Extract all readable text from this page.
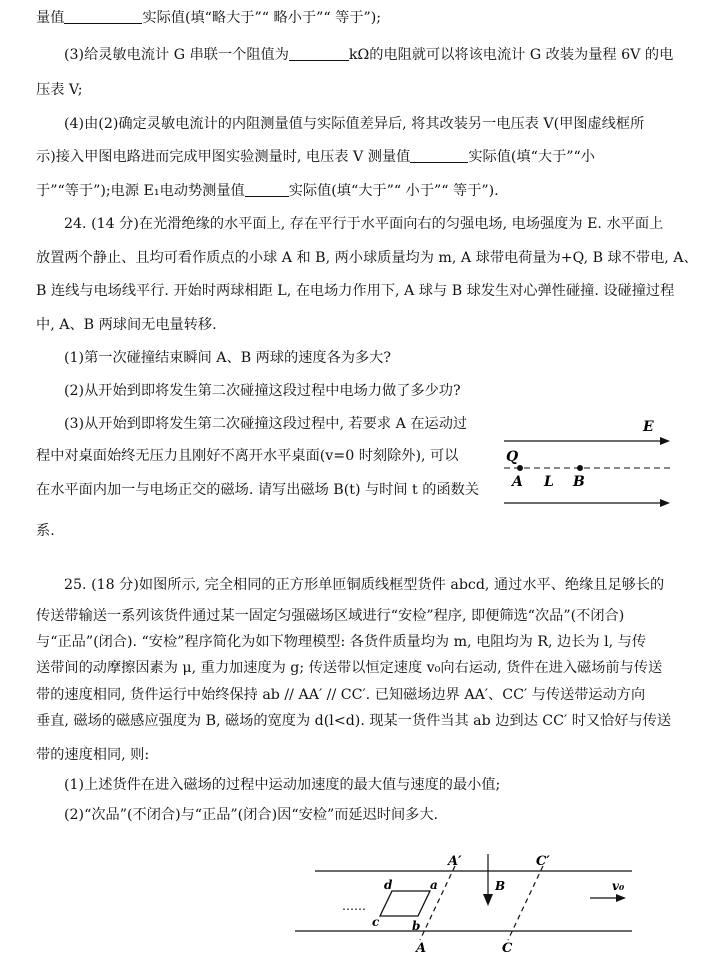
量值	实际值(填“略大于”“ 略小于”“ 等于”);
(3)给灵敏电流计 G 串联一个阻值为	kΩ的电阻就可以将该电流计 G 改装为量程 6V 的电
压表 V;
(4)由(2)确定灵敏电流计的内阻测量值与实际值差异后, 将其改装另一电压表 V(甲图虚线框所
示)接入甲图电路进而完成甲图实验测量时, 电压表 V 测量值	实际值(填“大于”“小
于”“等于”);电源 E₁电动势测量值	实际值(填“大于”“ 小于”“ 等于”).
24. (14 分)在光滑绝缘的水平面上, 存在平行于水平面向右的匀强电场, 电场强度为 E. 水平面上
放置两个静止、且均可看作质点的小球 A 和 B, 两小球质量均为 m, A 球带电荷量为+Q, B 球不带电, A、
B 连线与电场线平行. 开始时两球相距 L, 在电场力作用下, A 球与 B 球发生对心弹性碰撞. 设碰撞过程
中, A、B 两球间无电量转移.
(1)第一次碰撞结束瞬间 A、B 两球的速度各为多大?
(2)从开始到即将发生第二次碰撞这段过程中电场力做了多少功?
(3)从开始到即将发生第二次碰撞这段过程中, 若要求 A 在运动过
程中对桌面始终无压力且刚好不离开水平桌面(v=0 时刻除外), 可以
在水平面内加一与电场正交的磁场. 请写出磁场 B(t) 与时间 t 的函数关
系.
E
Q
A L B
25. (18 分)如图所示, 完全相同的正方形单匝铜质线框型货件 abcd, 通过水平、绝缘且足够长的
传送带输送一系列该货件通过某一固定匀强磁场区域进行“安检”程序, 即便筛选“次品”(不闭合)
与“正品”(闭合). “安检”程序简化为如下物理模型: 各货件质量均为 m, 电阻均为 R, 边长为 l, 与传
送带间的动摩擦因素为 μ, 重力加速度为 g; 传送带以恒定速度 v₀向右运动, 货件在进入磁场前与传送
带的速度相同, 货件运行中始终保持 ab // AA′ // CC′. 已知磁场边界 AA′、CC′ 与传送带运动方向
垂直, 磁场的磁感应强度为 B, 磁场的宽度为 d(l<d). 现某一货件当其 ab 边到达 CC′ 时又恰好与传送
带的速度相同, 则:
(1)上述货件在进入磁场的过程中运动加速度的最大值与速度的最小值;
(2)“次品”(不闭合)与“正品”(闭合)因“安检”而延迟时间多大.
A′	C′
B	v₀
……
d	a
c	b
A	C
